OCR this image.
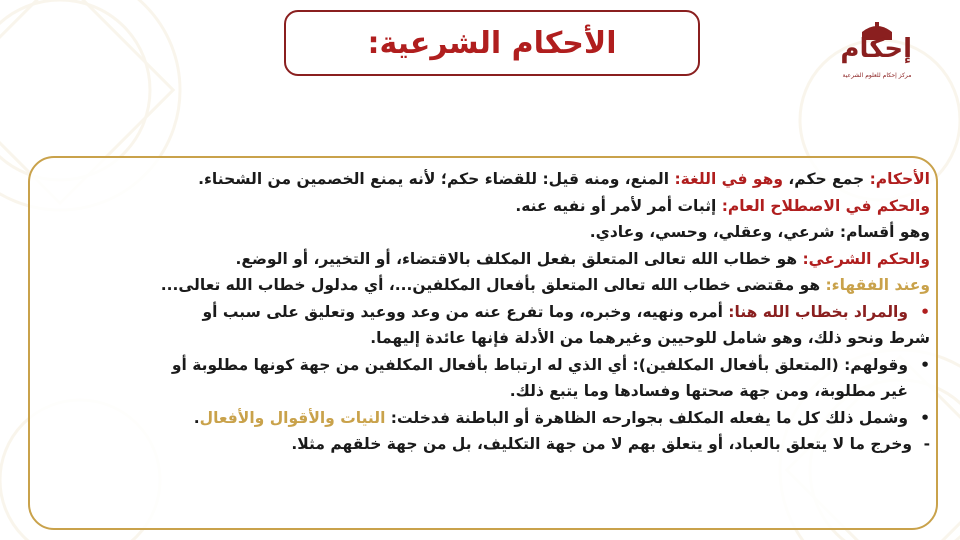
الأحكام الشرعية:	إحكام
مركز إحكام للعلوم الشرعية
الأحكام: جمع حكم، وهو في اللغة: المنع، ومنه قيل: للقضاء حكم؛ لأنه يمنع الخصمين من الشحناء.
والحكم في الاصطلاح العام: إثبات أمر لأمر أو نفيه عنه.
وهو أقسام: شرعي، وعقلي، وحسي، وعادي.
والحكم الشرعي: هو خطاب الله تعالى المتعلق بفعل المكلف بالاقتضاء، أو التخيير، أو الوضع.
وعند الفقهاء: هو مقتضى خطاب الله تعالى المتعلق بأفعال المكلفين...، أي مدلول خطاب الله تعالى...
•
والمراد بخطاب الله هنا: أمره ونهيه، وخبره، وما تفرع عنه من وعد ووعيد وتعليق على سبب أو
شرط ونحو ذلك، وهو شامل للوحيين وغيرهما من الأدلة فإنها عائدة إليهما.
•
وقولهم: (المتعلق بأفعال المكلفين): أي الذي له ارتباط بأفعال المكلفين من جهة كونها مطلوبة أو
غير مطلوبة، ومن جهة صحتها وفسادها وما يتبع ذلك.
•
وشمل ذلك كل ما يفعله المكلف بجوارحه الظاهرة أو الباطنة فدخلت: النيات والأقوال والأفعال.
-
وخرج ما لا يتعلق بالعباد، أو يتعلق بهم لا من جهة التكليف، بل من جهة خلقهم مثلا.
